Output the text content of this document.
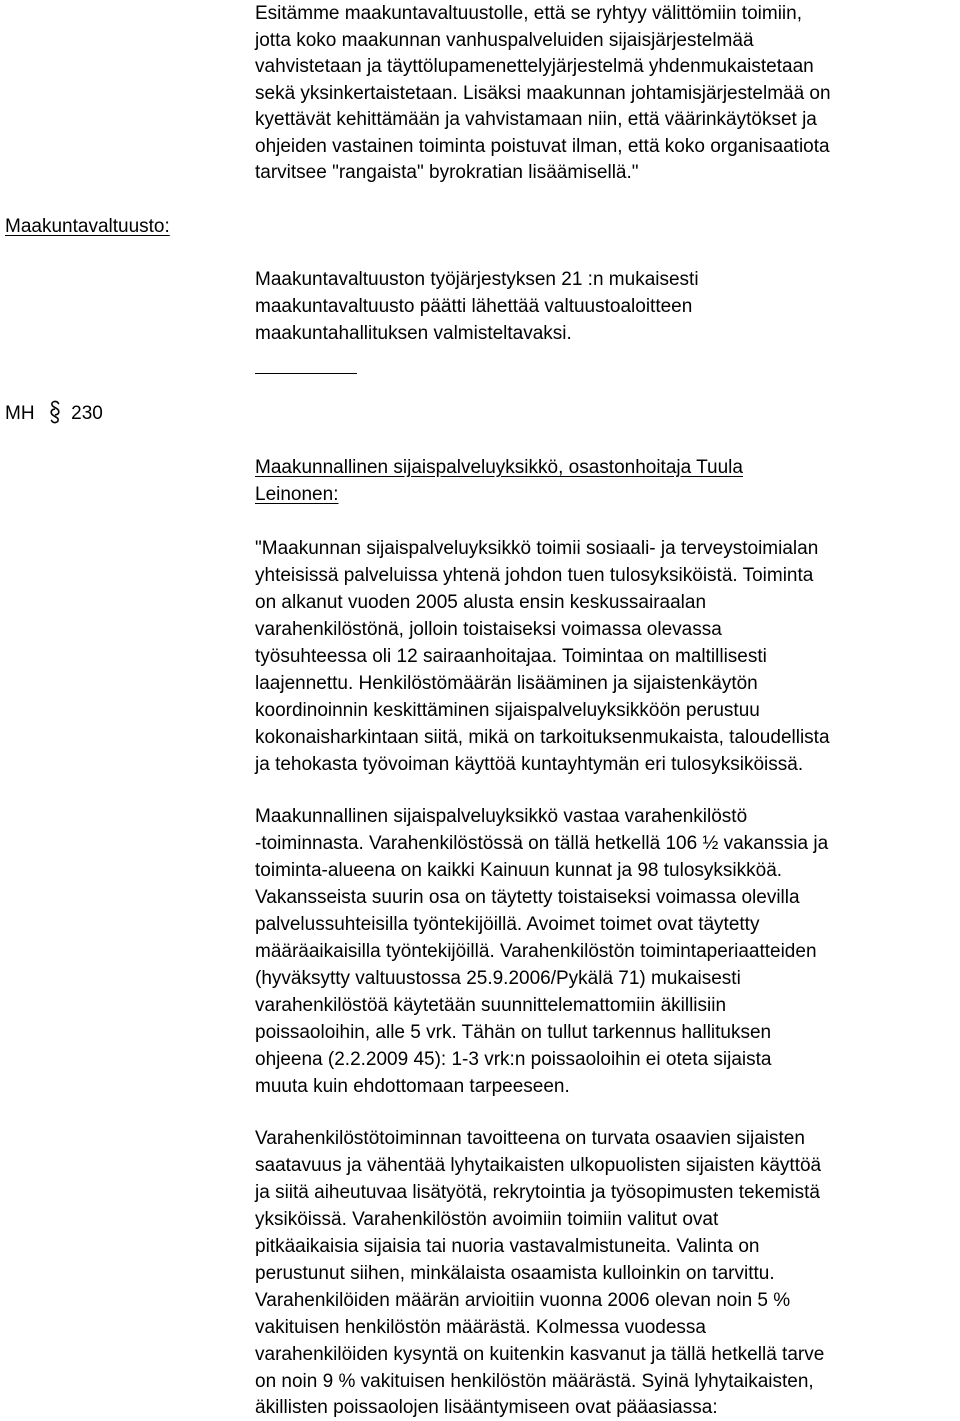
Esitämme maakuntavaltuustolle, että se ryhtyy välittömiin toimiin,
jotta koko maakunnan vanhuspalveluiden sijaisjärjestelmää
vahvistetaan ja täyttölupamenettelyjärjestelmä yhdenmukaistetaan
sekä yksinkertaistetaan. Lisäksi maakunnan johtamisjärjestelmää on
kyettävät kehittämään ja vahvistamaan niin, että väärinkäytökset ja
ohjeiden vastainen toiminta poistuvat ilman, että koko organisaatiota
tarvitsee "rangaista" byrokratian lisäämisellä."
Maakuntavaltuusto:
Maakuntavaltuuston työjärjestyksen 21 :n mukaisesti
maakuntavaltuusto päätti lähettää valtuustoaloitteen
maakuntahallituksen valmisteltavaksi.
MH 230
Maakunnallinen sijaispalveluyksikkö, osastonhoitaja Tuula
Leinonen:
"Maakunnan sijaispalveluyksikkö toimii sosiaali- ja terveystoimialan
yhteisissä palveluissa yhtenä johdon tuen tulosyksiköistä. Toiminta
on alkanut vuoden 2005 alusta ensin keskussairaalan
varahenkilöstönä, jolloin toistaiseksi voimassa olevassa
työsuhteessa oli 12 sairaanhoitajaa. Toimintaa on maltillisesti
laajennettu. Henkilöstömäärän lisääminen ja sijaistenkäytön
koordinoinnin keskittäminen sijaispalveluyksikköön perustuu
kokonaisharkintaan siitä, mikä on tarkoituksenmukaista, taloudellista
ja tehokasta työvoiman käyttöä kuntayhtymän eri tulosyksiköissä.
Maakunnallinen sijaispalveluyksikkö vastaa varahenkilöstö
-toiminnasta. Varahenkilöstössä on tällä hetkellä 106 ½ vakanssia ja
toiminta-alueena on kaikki Kainuun kunnat ja 98 tulosyksikköä.
Vakansseista suurin osa on täytetty toistaiseksi voimassa olevilla
palvelussuhteisilla työntekijöillä. Avoimet toimet ovat täytetty
määräaikaisilla työntekijöillä. Varahenkilöstön toimintaperiaatteiden
(hyväksytty valtuustossa 25.9.2006/Pykälä 71) mukaisesti
varahenkilöstöä käytetään suunnittelemattomiin äkillisiin
poissaoloihin, alle 5 vrk. Tähän on tullut tarkennus hallituksen
ohjeena (2.2.2009 45): 1-3 vrk:n poissaoloihin ei oteta sijaista
muuta kuin ehdottomaan tarpeeseen.
Varahenkilöstötoiminnan tavoitteena on turvata osaavien sijaisten
saatavuus ja vähentää lyhytaikaisten ulkopuolisten sijaisten käyttöä
ja siitä aiheutuvaa lisätyötä, rekrytointia ja työsopimusten tekemistä
yksiköissä. Varahenkilöstön avoimiin toimiin valitut ovat
pitkäaikaisia sijaisia tai nuoria vastavalmistuneita. Valinta on
perustunut siihen, minkälaista osaamista kulloinkin on tarvittu.
Varahenkilöiden määrän arvioitiin vuonna 2006 olevan noin 5 %
vakituisen henkilöstön määrästä. Kolmessa vuodessa
varahenkilöiden kysyntä on kuitenkin kasvanut ja tällä hetkellä tarve
on noin 9 % vakituisen henkilöstön määrästä. Syinä lyhytaikaisten,
äkillisten poissaolojen lisääntymiseen ovat pääasiassa:
